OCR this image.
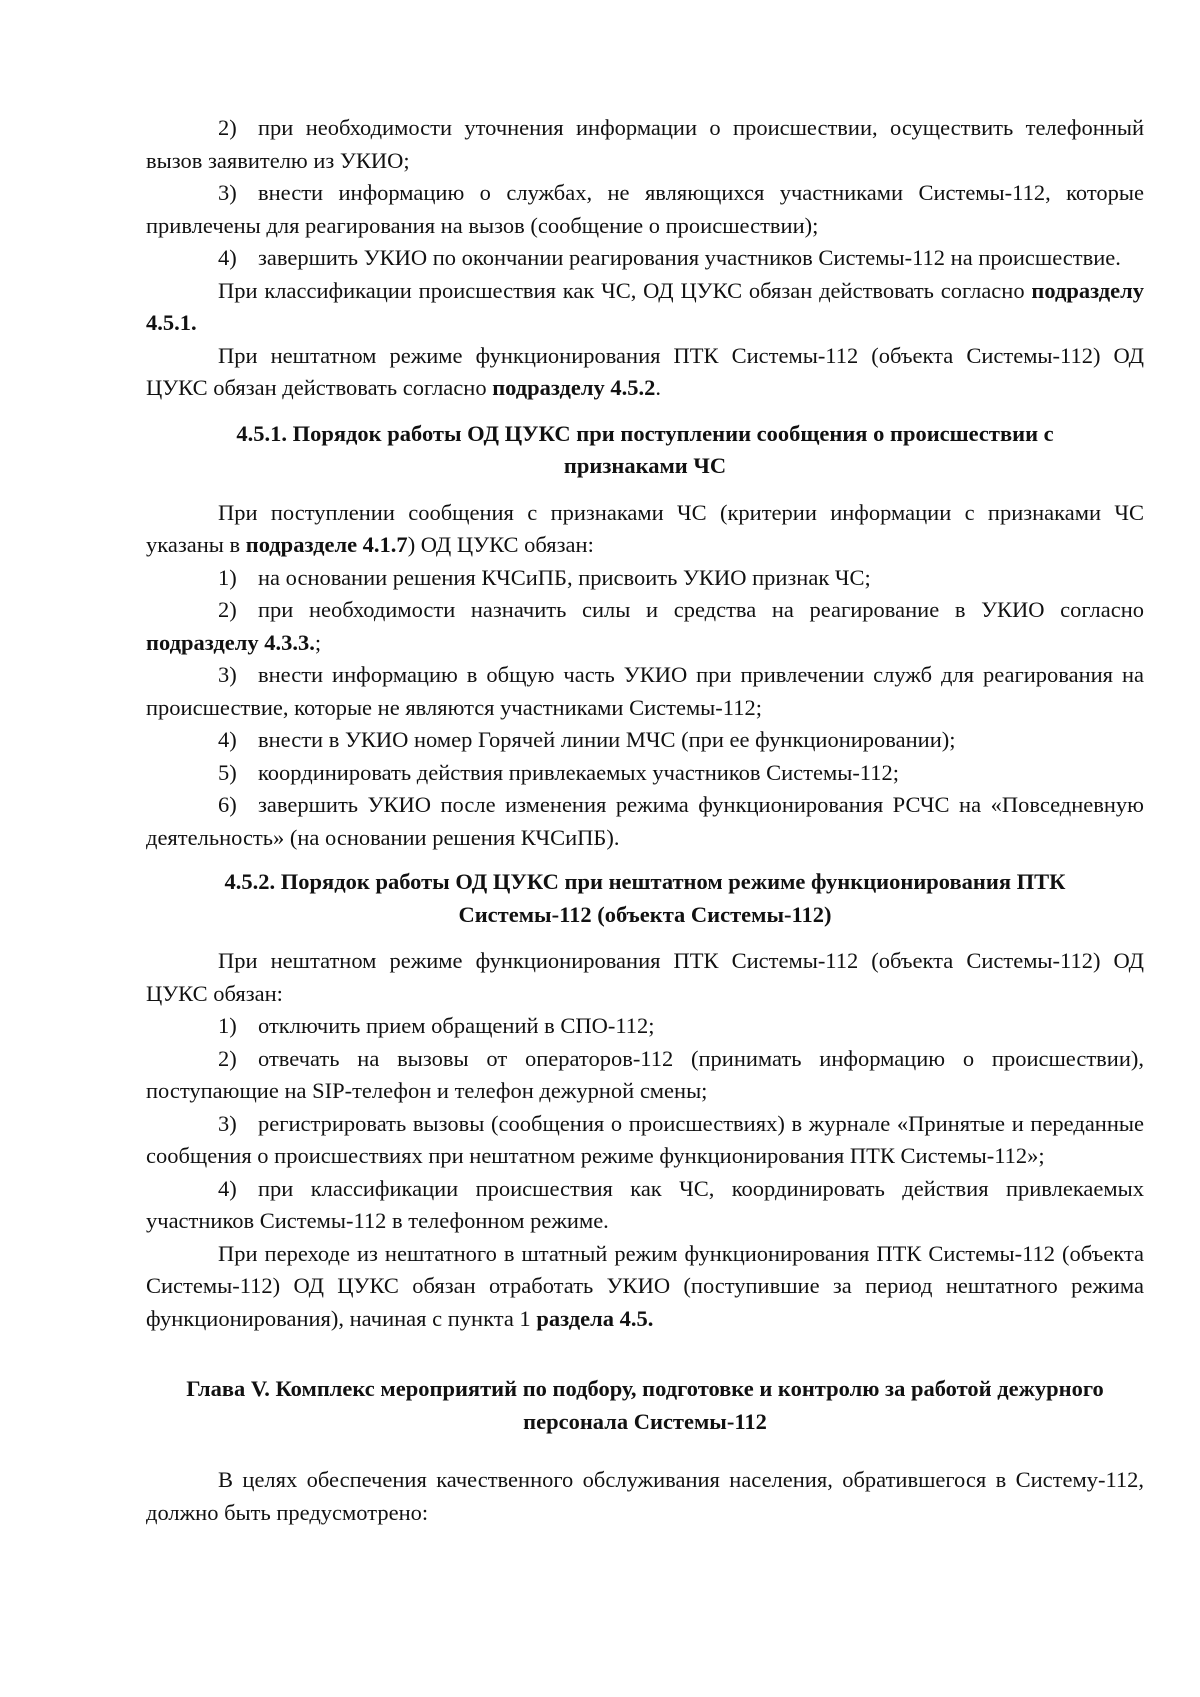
2) при необходимости уточнения информации о происшествии, осуществить телефонный вызов заявителю из УКИО;

3) внести информацию о службах, не являющихся участниками Системы-112, которые привлечены для реагирования на вызов (сообщение о происшествии);

4) завершить УКИО по окончании реагирования участников Системы-112 на происшествие.

При классификации происшествия как ЧС, ОД ЦУКС обязан действовать согласно подразделу 4.5.1.

При нештатном режиме функционирования ПТК Системы-112 (объекта Системы-112) ОД ЦУКС обязан действовать согласно подразделу 4.5.2.

4.5.1. Порядок работы ОД ЦУКС при поступлении сообщения о происшествии с признаками ЧС

При поступлении сообщения с признаками ЧС (критерии информации с признаками ЧС указаны в подразделе 4.1.7) ОД ЦУКС обязан:

1) на основании решения КЧСиПБ, присвоить УКИО признак ЧС;

2) при необходимости назначить силы и средства на реагирование в УКИО согласно подразделу 4.3.3.;

3) внести информацию в общую часть УКИО при привлечении служб для реагирования на происшествие, которые не являются участниками Системы-112;

4) внести в УКИО номер Горячей линии МЧС (при ее функционировании);

5) координировать действия привлекаемых участников Системы-112;

6) завершить УКИО после изменения режима функционирования РСЧС на «Повседневную деятельность» (на основании решения КЧСиПБ).

4.5.2. Порядок работы ОД ЦУКС при нештатном режиме функционирования ПТК Системы-112 (объекта Системы-112)

При нештатном режиме функционирования ПТК Системы-112 (объекта Системы-112) ОД ЦУКС обязан:

1) отключить прием обращений в СПО-112;

2) отвечать на вызовы от операторов-112 (принимать информацию о происшествии), поступающие на SIP-телефон и телефон дежурной смены;

3) регистрировать вызовы (сообщения о происшествиях) в журнале «Принятые и переданные сообщения о происшествиях при нештатном режиме функционирования ПТК Системы-112»;

4) при классификации происшествия как ЧС, координировать действия привлекаемых участников Системы-112 в телефонном режиме.

При переходе из нештатного в штатный режим функционирования ПТК Системы-112 (объекта Системы-112) ОД ЦУКС обязан отработать УКИО (поступившие за период нештатного режима функционирования), начиная с пункта 1 раздела 4.5.

Глава V. Комплекс мероприятий по подбору, подготовке и контролю за работой дежурного персонала Системы-112

В целях обеспечения качественного обслуживания населения, обратившегося в Систему-112, должно быть предусмотрено:
